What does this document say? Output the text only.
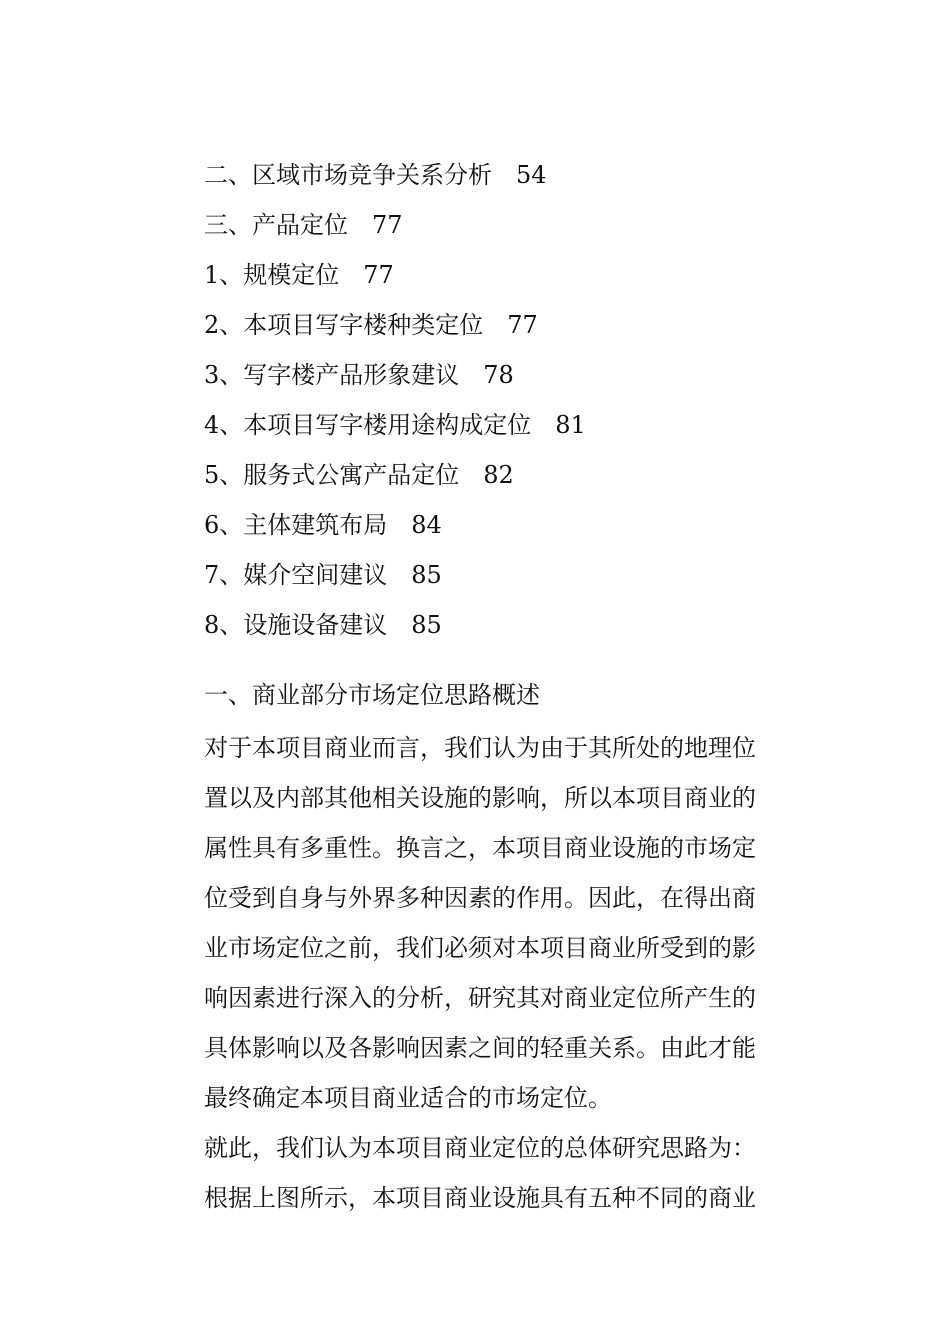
二、区域市场竞争关系分析 54
三、产品定位 77
1、规模定位 77
2、本项目写字楼种类定位 77
3、写字楼产品形象建议 78
4、本项目写字楼用途构成定位 81
5、服务式公寓产品定位 82
6、主体建筑布局 84
7、媒介空间建议 85
8、设施设备建议 85
一、商业部分市场定位思路概述

对于本项目商业而言，我们认为由于其所处的地理位
置以及内部其他相关设施的影响，所以本项目商业的
属性具有多重性。换言之，本项目商业设施的市场定
位受到自身与外界多种因素的作用。因此，在得出商
业市场定位之前，我们必须对本项目商业所受到的影
响因素进行深入的分析，研究其对商业定位所产生的
具体影响以及各影响因素之间的轻重关系。由此才能
最终确定本项目商业适合的市场定位。

就此，我们认为本项目商业定位的总体研究思路为：

根据上图所示，本项目商业设施具有五种不同的商业
